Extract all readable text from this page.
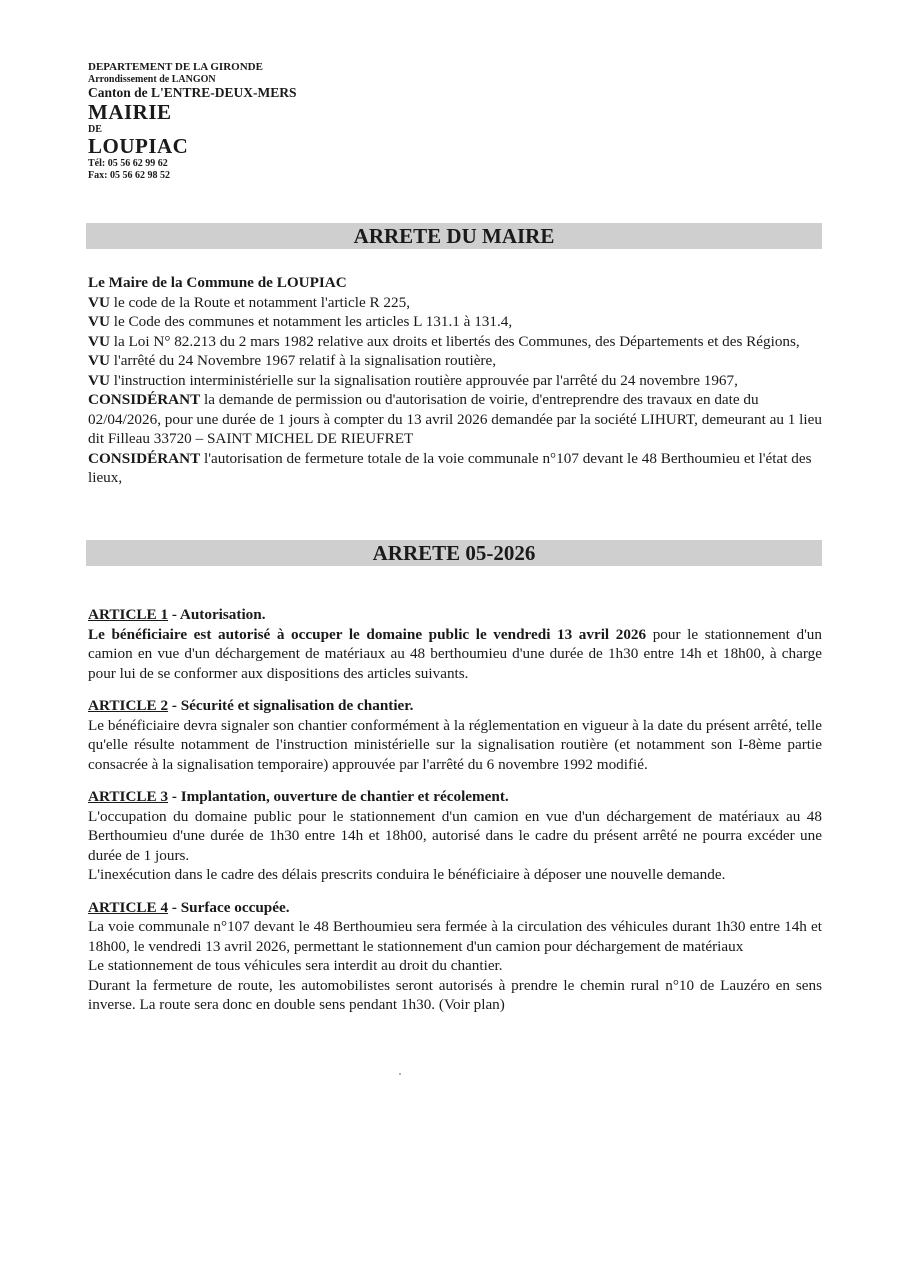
DEPARTEMENT DE LA GIRONDE
Arrondissement de LANGON
Canton de L'ENTRE-DEUX-MERS
MAIRIE
DE
LOUPIAC
Tél: 05 56 62 99 62
Fax: 05 56 62 98 52
ARRETE DU MAIRE

Le Maire de la Commune de LOUPIAC

VU le code de la Route et notamment l'article R 225,

VU le Code des communes et notamment les articles L 131.1 à 131.4,

VU la Loi N° 82.213 du 2 mars 1982 relative aux droits et libertés des Communes, des Départements et des Régions,

VU l'arrêté du 24 Novembre 1967 relatif à la signalisation routière,

VU l'instruction interministérielle sur la signalisation routière approuvée par l'arrêté du 24 novembre 1967,

CONSIDÉRANT la demande de permission ou d'autorisation de voirie, d'entreprendre des travaux en date du 02/04/2026, pour une durée de 1 jours à compter du 13 avril 2026 demandée par la société LIHURT, demeurant au 1 lieu dit Filleau 33720 – SAINT MICHEL DE RIEUFRET

CONSIDÉRANT l'autorisation de fermeture totale de la voie communale n°107 devant le 48 Berthoumieu et l'état des lieux,

ARRETE 05-2026

ARTICLE 1 - Autorisation.

Le bénéficiaire est autorisé à occuper le domaine public le vendredi 13 avril 2026 pour le stationnement d'un camion en vue d'un déchargement de matériaux au 48 berthoumieu d'une durée de 1h30 entre 14h et 18h00, à charge pour lui de se conformer aux dispositions des articles suivants.

ARTICLE 2 - Sécurité et signalisation de chantier.

Le bénéficiaire devra signaler son chantier conformément à la réglementation en vigueur à la date du présent arrêté, telle qu'elle résulte notamment de l'instruction ministérielle sur la signalisation routière (et notamment son I-8ème partie consacrée à la signalisation temporaire) approuvée par l'arrêté du 6 novembre 1992 modifié.

ARTICLE 3 - Implantation, ouverture de chantier et récolement.

L'occupation du domaine public pour le stationnement d'un camion en vue d'un déchargement de matériaux au 48 Berthoumieu d'une durée de 1h30 entre 14h et 18h00, autorisé dans le cadre du présent arrêté ne pourra excéder une durée de 1 jours.

L'inexécution dans le cadre des délais prescrits conduira le bénéficiaire à déposer une nouvelle demande.

ARTICLE 4 - Surface occupée.

La voie communale n°107 devant le 48 Berthoumieu sera fermée à la circulation des véhicules durant 1h30 entre 14h et 18h00, le vendredi 13 avril 2026, permettant le stationnement d'un camion pour déchargement de matériaux

Le stationnement de tous véhicules sera interdit au droit du chantier.

Durant la fermeture de route, les automobilistes seront autorisés à prendre le chemin rural n°10 de Lauzéro en sens inverse. La route sera donc en double sens pendant 1h30. (Voir plan)
